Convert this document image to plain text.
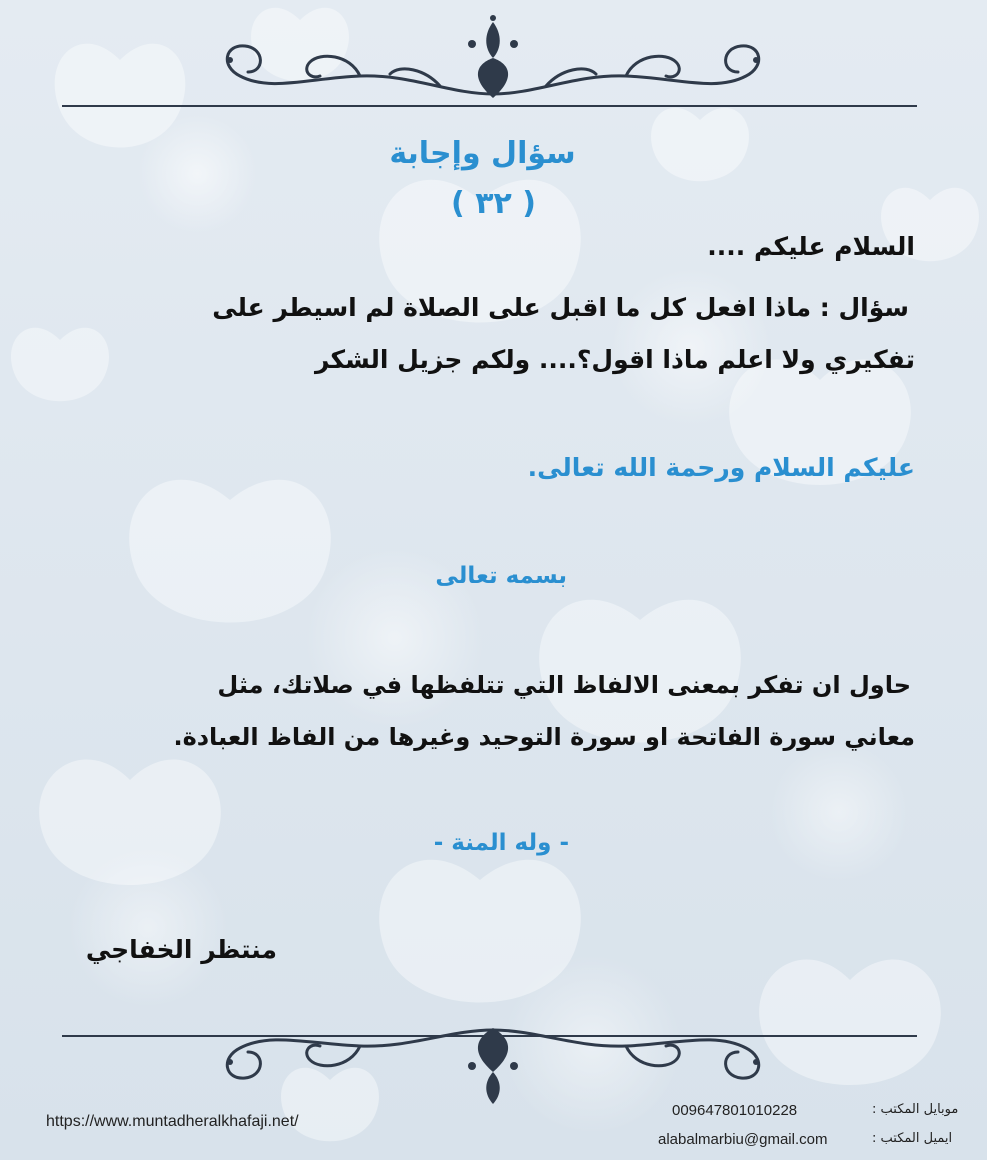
سؤال وإجابة
( ٣٢ )
السلام عليكم ....
سؤال : ماذا افعل كل ما اقبل على الصلاة لم اسيطر على
تفكيري ولا اعلم ماذا اقول؟.... ولكم جزيل الشكر
عليكم السلام ورحمة الله تعالى.
بسمه تعالى
حاول ان تفكر بمعنى الالفاظ التي تتلفظها في صلاتك، مثل
معاني سورة الفاتحة او سورة التوحيد وغيرها من الفاظ العبادة.
- وله المنة -
منتظر الخفاجي
https://www.muntadheralkhafaji.net/
009647801010228
alabalmarbiu@gmail.com
موبايل المكتب :
ايميل المكتب :
